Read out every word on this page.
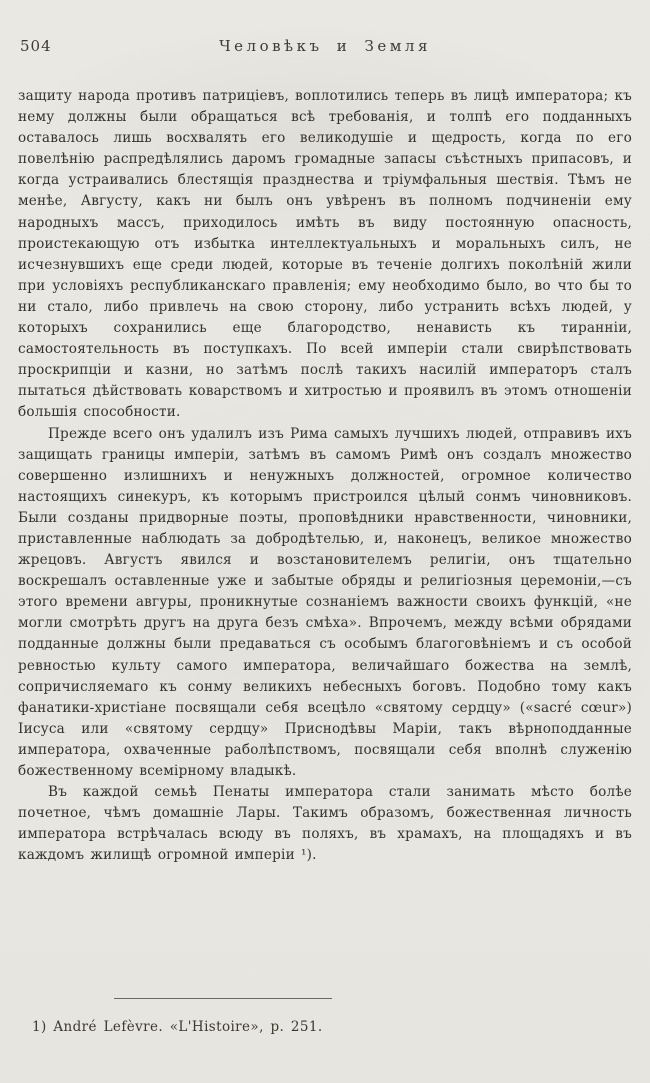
504	Человѣкъ и Земля

защиту народа противъ патриціевъ, воплотились теперь въ лицѣ императора; къ нему должны были обращаться всѣ требованія, и толпѣ его подданныхъ оставалось лишь восхвалять его великодушіе и щедрость, когда по его повелѣнію распредѣлялись даромъ громадные запасы съѣстныхъ припасовъ, и когда устраивались блестящія празднества и тріумфальныя шествія. Тѣмъ не менѣе, Августу, какъ ни былъ онъ увѣренъ въ полномъ подчиненіи ему народныхъ массъ, приходилось имѣть въ виду постоянную опасность, проистекающую отъ избытка интеллектуальныхъ и моральныхъ силъ, не исчезнувшихъ еще среди людей, которые въ теченіе долгихъ поколѣній жили при условіяхъ республиканскаго правленія; ему необходимо было, во что бы то ни стало, либо привлечь на свою сторону, либо устранить всѣхъ людей, у которыхъ сохранились еще благородство, ненависть къ тиранніи, самостоятельность въ поступкахъ. По всей имперіи стали свирѣпствовать проскрипціи и казни, но затѣмъ послѣ такихъ насилій императоръ сталъ пытаться дѣйствовать коварствомъ и хитростью и проявилъ въ этомъ отношеніи большія способности.

Прежде всего онъ удалилъ изъ Рима самыхъ лучшихъ людей, отправивъ ихъ защищать границы имперіи, затѣмъ въ самомъ Римѣ онъ создалъ множество совершенно излишнихъ и ненужныхъ должностей, огромное количество настоящихъ синекуръ, къ которымъ пристроился цѣлый сонмъ чиновниковъ. Были созданы придворные поэты, проповѣдники нравственности, чиновники, приставленные наблюдать за добродѣтелью, и, наконецъ, великое множество жрецовъ. Августъ явился и возстановителемъ религіи, онъ тщательно воскрешалъ оставленные уже и забытые обряды и религіозныя церемоніи,—съ этого времени авгуры, проникнутые сознаніемъ важности своихъ функцій, «не могли смотрѣть другъ на друга безъ смѣха». Впрочемъ, между всѣми обрядами подданные должны были предаваться съ особымъ благоговѣніемъ и съ особой ревностью культу самого императора, величайшаго божества на землѣ, сопричисляемаго къ сонму великихъ небесныхъ боговъ. Подобно тому какъ фанатики-христіане посвящали себя всецѣло «святому сердцу» («sacré cœur») Іисуса или «святому сердцу» Приснодѣвы Маріи, такъ вѣрноподданные императора, охваченные раболѣпствомъ, посвящали себя вполнѣ служенію божественному всемірному владыкѣ.

Въ каждой семьѣ Пенаты императора стали занимать мѣсто болѣе почетное, чѣмъ домашніе Лары. Такимъ образомъ, божественная личность императора встрѣчалась всюду въ поляхъ, въ храмахъ, на площадяхъ и въ каждомъ жилищѣ огромной имперіи ¹).

1) André Lefèvre. «L'Histoire», p. 251.
